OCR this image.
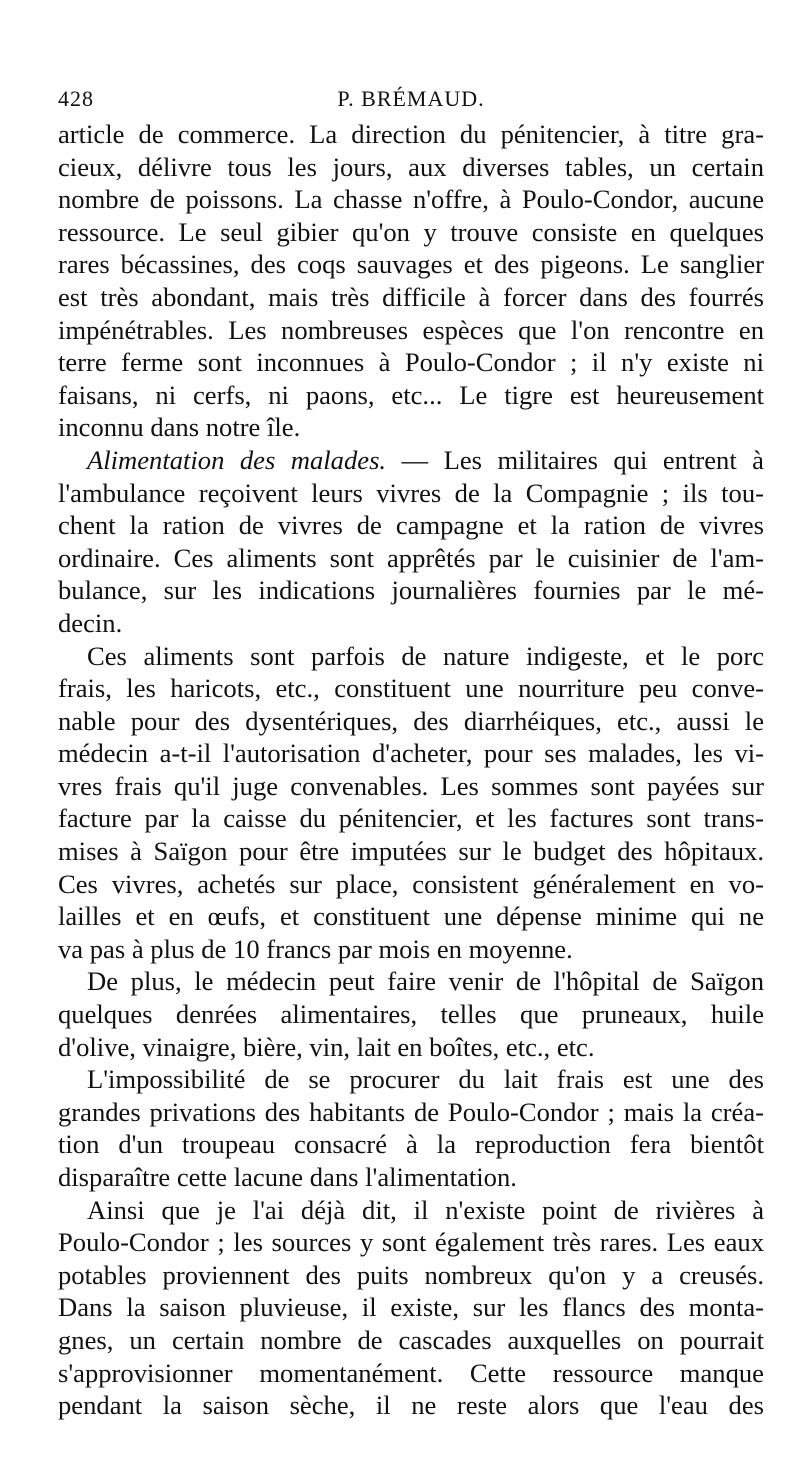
428	P. BRÉMAUD.
article de commerce. La direction du pénitencier, à titre gra-
cieux, délivre tous les jours, aux diverses tables, un certain
nombre de poissons. La chasse n'offre, à Poulo-Condor, aucune
ressource. Le seul gibier qu'on y trouve consiste en quelques
rares bécassines, des coqs sauvages et des pigeons. Le sanglier
est très abondant, mais très difficile à forcer dans des fourrés
impénétrables. Les nombreuses espèces que l'on rencontre en
terre ferme sont inconnues à Poulo-Condor ; il n'y existe ni
faisans, ni cerfs, ni paons, etc... Le tigre est heureusement
inconnu dans notre île.
Alimentation des malades. — Les militaires qui entrent à
l'ambulance reçoivent leurs vivres de la Compagnie ; ils tou-
chent la ration de vivres de campagne et la ration de vivres
ordinaire. Ces aliments sont apprêtés par le cuisinier de l'am-
bulance, sur les indications journalières fournies par le mé-
decin.
Ces aliments sont parfois de nature indigeste, et le porc
frais, les haricots, etc., constituent une nourriture peu conve-
nable pour des dysentériques, des diarrhéiques, etc., aussi le
médecin a-t-il l'autorisation d'acheter, pour ses malades, les vi-
vres frais qu'il juge convenables. Les sommes sont payées sur
facture par la caisse du pénitencier, et les factures sont trans-
mises à Saïgon pour être imputées sur le budget des hôpitaux.
Ces vivres, achetés sur place, consistent généralement en vo-
lailles et en œufs, et constituent une dépense minime qui ne
va pas à plus de 10 francs par mois en moyenne.
De plus, le médecin peut faire venir de l'hôpital de Saïgon
quelques denrées alimentaires, telles que pruneaux, huile
d'olive, vinaigre, bière, vin, lait en boîtes, etc., etc.
L'impossibilité de se procurer du lait frais est une des
grandes privations des habitants de Poulo-Condor ; mais la créa-
tion d'un troupeau consacré à la reproduction fera bientôt
disparaître cette lacune dans l'alimentation.
Ainsi que je l'ai déjà dit, il n'existe point de rivières à
Poulo-Condor ; les sources y sont également très rares. Les eaux
potables proviennent des puits nombreux qu'on y a creusés.
Dans la saison pluvieuse, il existe, sur les flancs des monta-
gnes, un certain nombre de cascades auxquelles on pourrait
s'approvisionner momentanément. Cette ressource manque
pendant la saison sèche, il ne reste alors que l'eau des
